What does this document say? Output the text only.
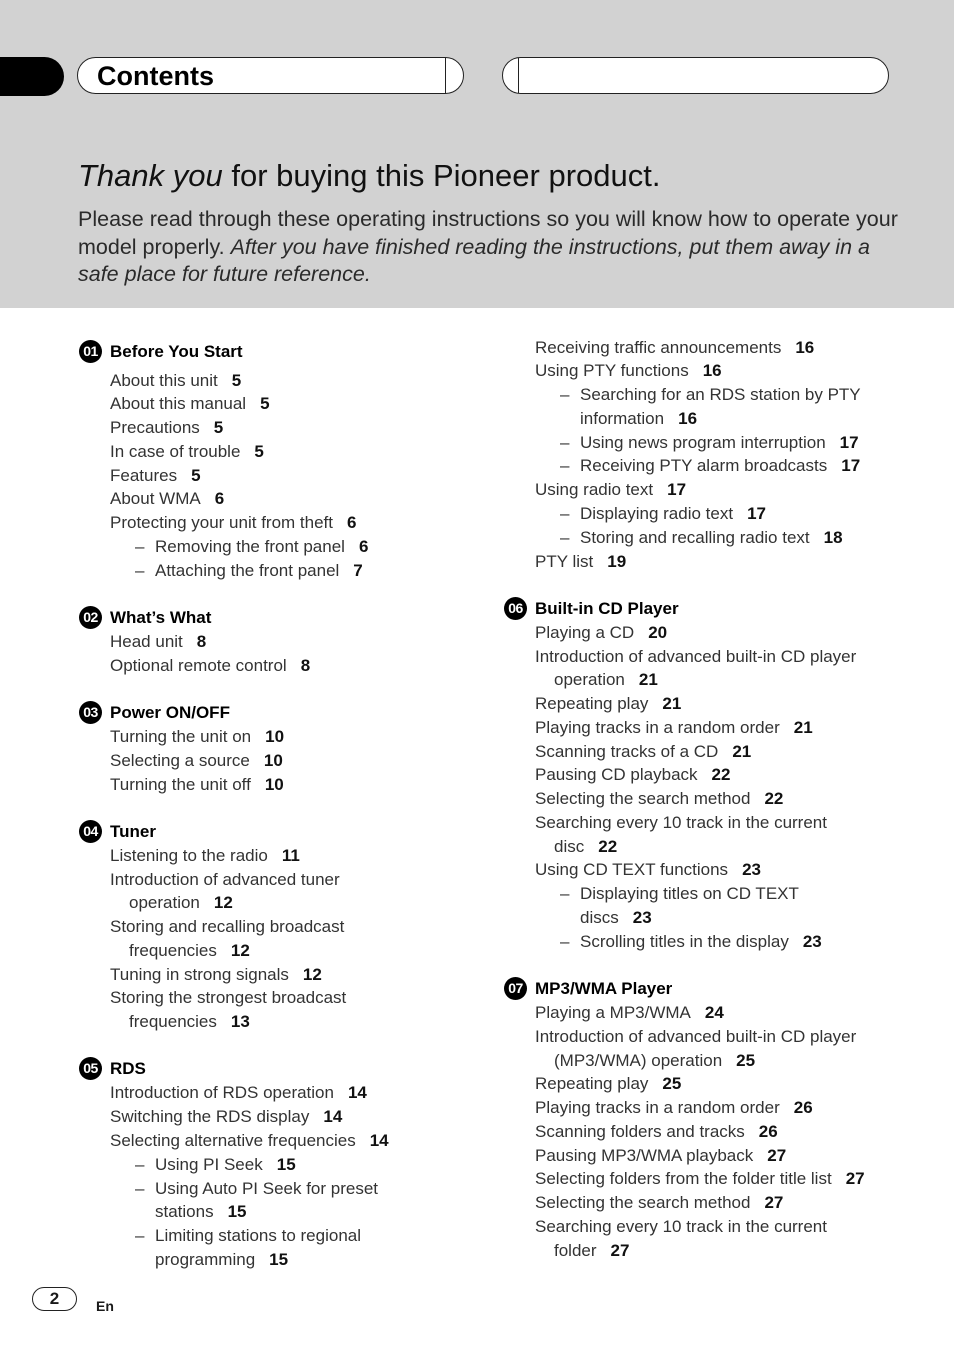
Contents
Thank you for buying this Pioneer product.
Please read through these operating instructions so you will know how to operate your model properly. After you have finished reading the instructions, put them away in a safe place for future reference.
01 Before You Start
02 What’s What
03 Power ON/OFF
04 Tuner
05 RDS
06 Built-in CD Player
07 MP3/WMA Player
About this unit 5
About this manual 5
Precautions 5
In case of trouble 5
Features 5
About WMA 6
Protecting your unit from theft 6
– Removing the front panel 6
– Attaching the front panel 7
Head unit 8
Optional remote control 8
Turning the unit on 10
Selecting a source 10
Turning the unit off 10
Listening to the radio 11
Introduction of advanced tuner
operation 12
Storing and recalling broadcast
frequencies 12
Tuning in strong signals 12
Storing the strongest broadcast
frequencies 13
Introduction of RDS operation 14
Switching the RDS display 14
Selecting alternative frequencies 14
– Using PI Seek 15
– Using Auto PI Seek for preset
stations 15
– Limiting stations to regional
programming 15
Receiving traffic announcements 16
Using PTY functions 16
– Searching for an RDS station by PTY
information 16
– Using news program interruption 17
– Receiving PTY alarm broadcasts 17
Using radio text 17
– Displaying radio text 17
– Storing and recalling radio text 18
PTY list 19
Playing a CD 20
Introduction of advanced built-in CD player
operation 21
Repeating play 21
Playing tracks in a random order 21
Scanning tracks of a CD 21
Pausing CD playback 22
Selecting the search method 22
Searching every 10 track in the current
disc 22
Using CD TEXT functions 23
– Displaying titles on CD TEXT
discs 23
– Scrolling titles in the display 23
Playing a MP3/WMA 24
Introduction of advanced built-in CD player
(MP3/WMA) operation 25
Repeating play 25
Playing tracks in a random order 26
Scanning folders and tracks 26
Pausing MP3/WMA playback 27
Selecting folders from the folder title list 27
Selecting the search method 27
Searching every 10 track in the current
folder 27
2	En
